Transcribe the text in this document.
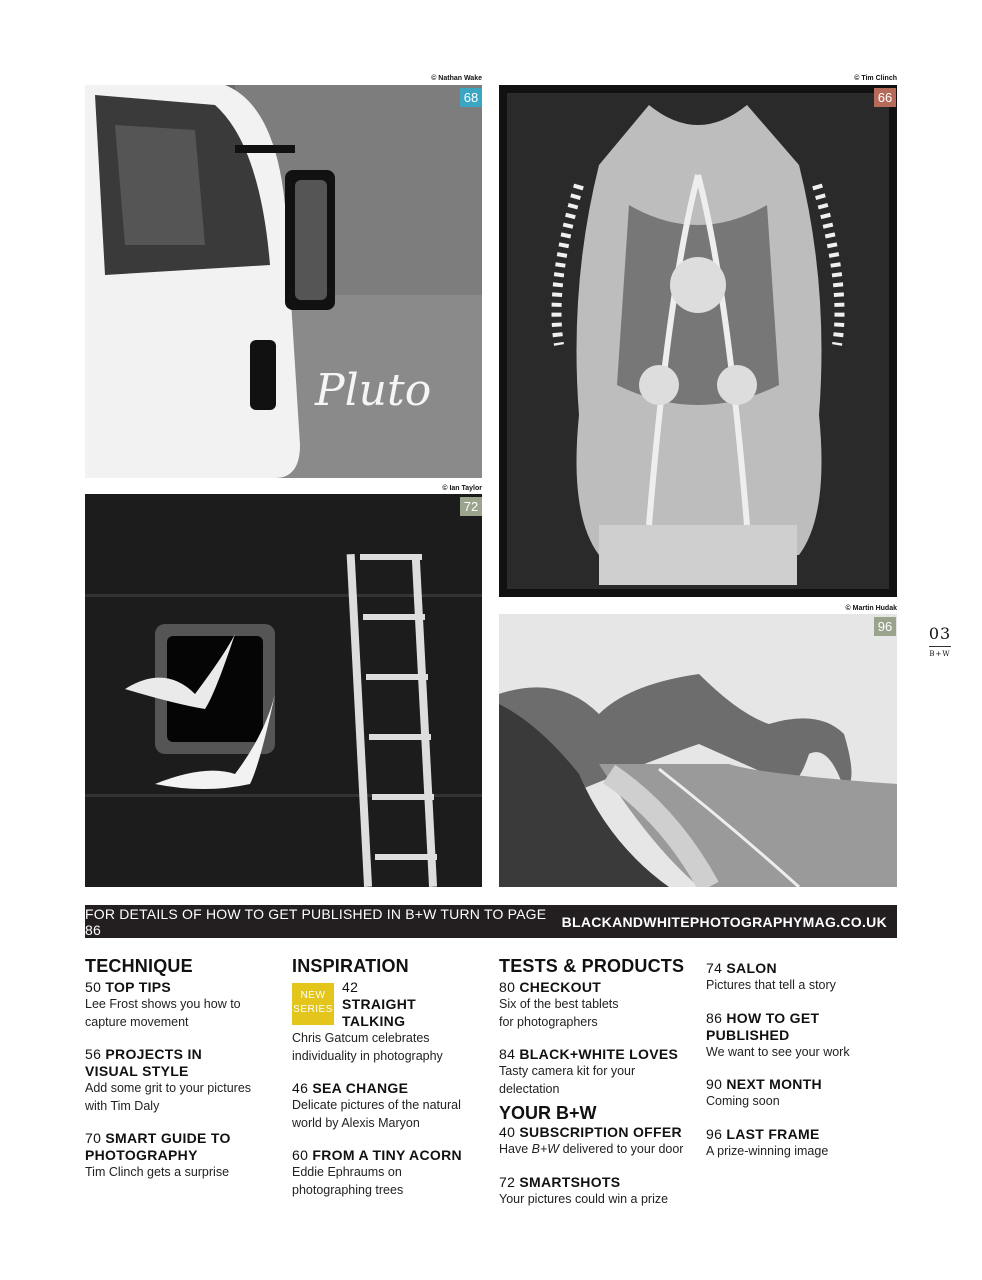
© Nathan Wake
Pluto
68
© Tim Clinch
66
© Ian Taylor
72
© Martin Hudak
96 03
B+W
FOR DETAILS OF HOW TO GET PUBLISHED IN B+W TURN TO PAGE 86	BLACKANDWHITEPHOTOGRAPHYMAG.CO.UK
TECHNIQUE
50 TOP TIPS
Lee Frost shows you how to capture movement
56 PROJECTS IN VISUAL STYLE
Add some grit to your pictures with Tim Daly
70 SMART GUIDE TO PHOTOGRAPHY
Tim Clinch gets a surprise
INSPIRATION
NEW
SERIES
42 STRAIGHT TALKING
Chris Gatcum celebrates individuality in photography
46 SEA CHANGE
Delicate pictures of the natural world by Alexis Maryon
60 FROM A TINY ACORN
Eddie Ephraums on photographing trees
TESTS & PRODUCTS
80 CHECKOUT
Six of the best tablets for photographers
84 BLACK+WHITE LOVES
Tasty camera kit for your delectation
YOUR B+W
40 SUBSCRIPTION OFFER
Have B+W delivered to your door
72 SMARTSHOTS
Your pictures could win a prize
74 SALON
Pictures that tell a story
86 HOW TO GET PUBLISHED
We want to see your work
90 NEXT MONTH
Coming soon
96 LAST FRAME
A prize-winning image
